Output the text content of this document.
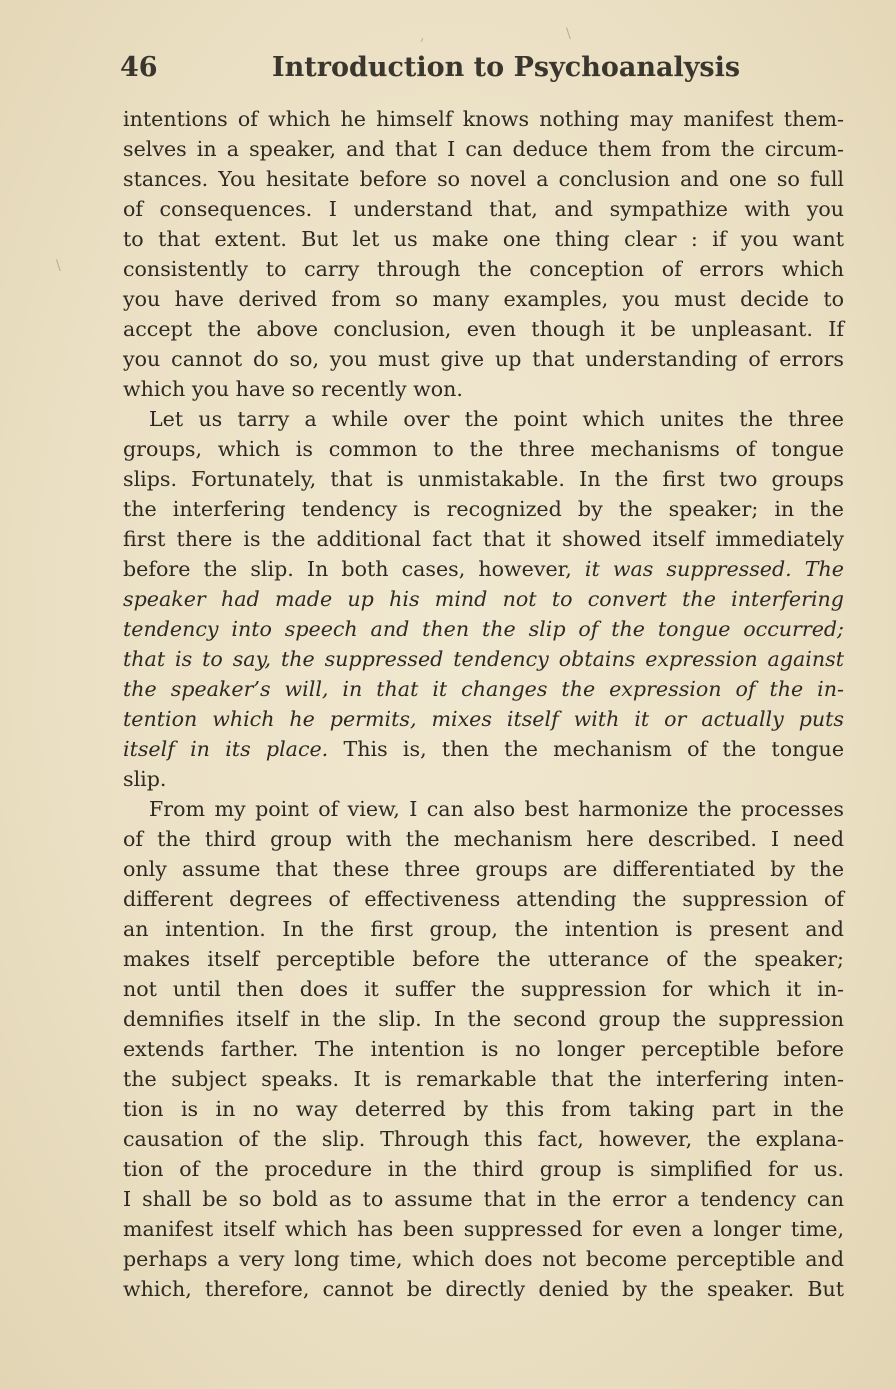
,	\
\
46	Introduction to Psychoanalysis
intentions of which he himself knows nothing may manifest them-
selves in a speaker, and that I can deduce them from the circum-
stances. You hesitate before so novel a conclusion and one so full
of consequences. I understand that, and sympathize with you
to that extent. But let us make one thing clear : if you want
consistently to carry through the conception of errors which
you have derived from so many examples, you must decide to
accept the above conclusion, even though it be unpleasant. If
you cannot do so, you must give up that understanding of errors
which you have so recently won.
Let us tarry a while over the point which unites the three
groups, which is common to the three mechanisms of tongue
slips. Fortunately, that is unmistakable. In the first two groups
the interfering tendency is recognized by the speaker; in the
first there is the additional fact that it showed itself immediately
before the slip. In both cases, however, it was suppressed. The
speaker had made up his mind not to convert the interfering
tendency into speech and then the slip of the tongue occurred;
that is to say, the suppressed tendency obtains expression against
the speaker’s will, in that it changes the expression of the in-
tention which he permits, mixes itself with it or actually puts
itself in its place. This is, then the mechanism of the tongue
slip.
From my point of view, I can also best harmonize the processes
of the third group with the mechanism here described. I need
only assume that these three groups are differentiated by the
different degrees of effectiveness attending the suppression of
an intention. In the first group, the intention is present and
makes itself perceptible before the utterance of the speaker;
not until then does it suffer the suppression for which it in-
demnifies itself in the slip. In the second group the suppression
extends farther. The intention is no longer perceptible before
the subject speaks. It is remarkable that the interfering inten-
tion is in no way deterred by this from taking part in the
causation of the slip. Through this fact, however, the explana-
tion of the procedure in the third group is simplified for us.
I shall be so bold as to assume that in the error a tendency can
manifest itself which has been suppressed for even a longer time,
perhaps a very long time, which does not become perceptible and
which, therefore, cannot be directly denied by the speaker. But
